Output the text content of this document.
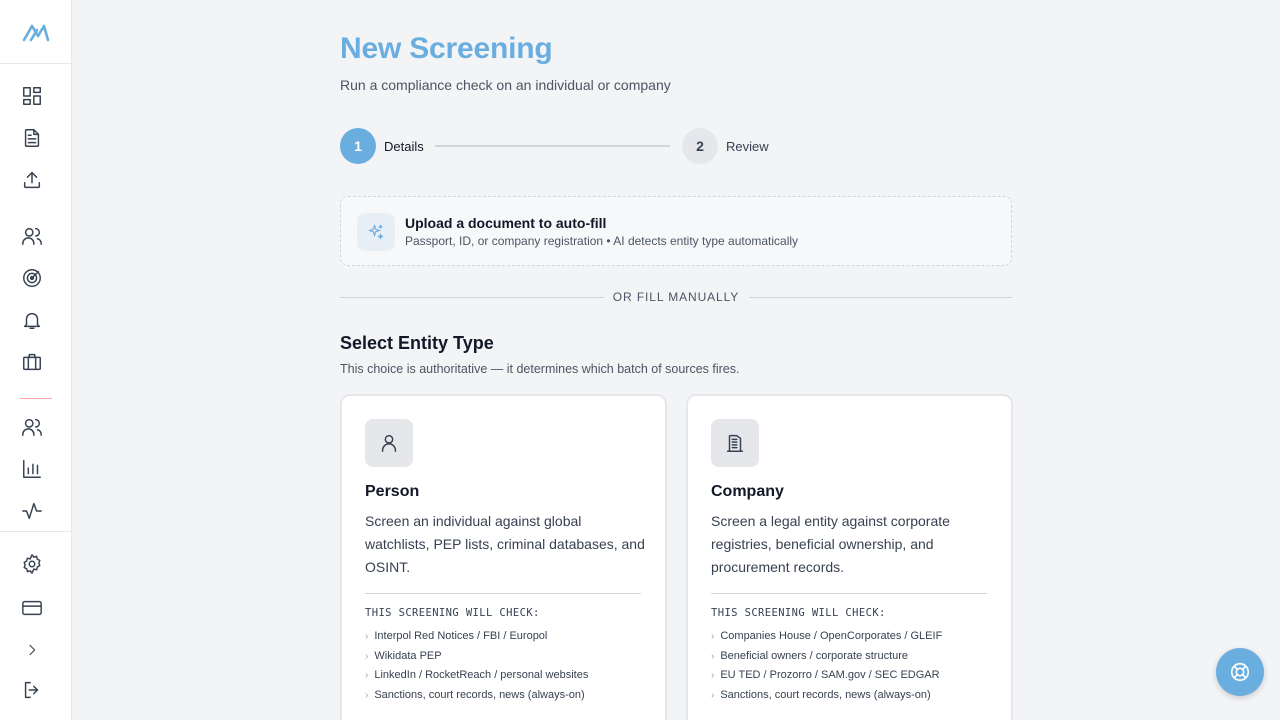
New Screening

Run a compliance check on an individual or company

1	Details	2	Review
Upload a document to auto-fill
Passport, ID, or company registration • AI detects entity type automatically
OR FILL MANUALLY
Select Entity Type

This choice is authoritative — it determines which batch of sources fires.

Person
Screen an individual against global watchlists, PEP lists, criminal databases, and OSINT.
THIS SCREENING WILL CHECK:
› Interpol Red Notices / FBI / Europol
› Wikidata PEP
› LinkedIn / RocketReach / personal websites
› Sanctions, court records, news (always-on)
Company
Screen a legal entity against corporate registries, beneficial ownership, and procurement records.
THIS SCREENING WILL CHECK:
› Companies House / OpenCorporates / GLEIF
› Beneficial owners / corporate structure
› EU TED / Prozorro / SAM.gov / SEC EDGAR
› Sanctions, court records, news (always-on)
